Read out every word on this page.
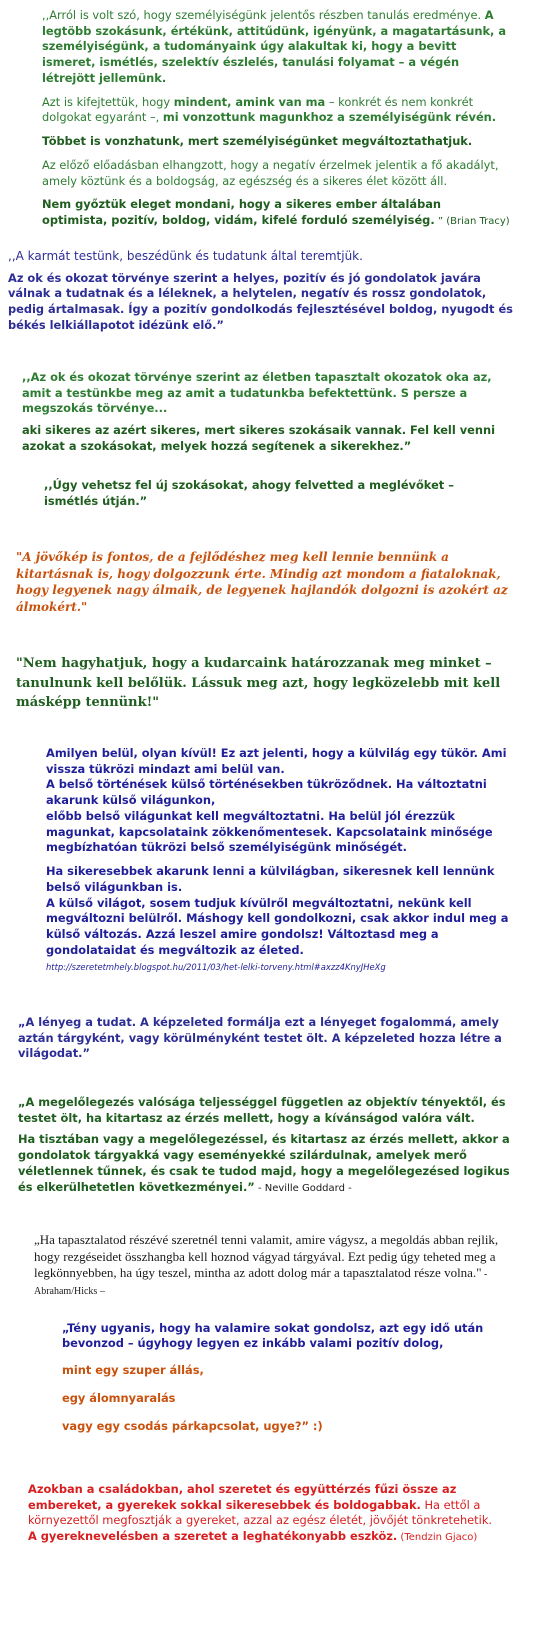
,,Arról is volt szó, hogy személyiségünk jelentős részben tanulás eredménye. A legtöbb szokásunk, értékünk, attitűdünk, igényünk, a magatartásunk, a személyiségünk, a tudományaink úgy alakultak ki, hogy a bevitt ismeret, ismétlés, szelektív észlelés, tanulási folyamat – a végén létrejött jellemünk.

Azt is kifejtettük, hogy mindent, amink van ma – konkrét és nem konkrét dolgokat egyaránt –, mi vonzottunk magunkhoz a személyiségünk révén.

Többet is vonzhatunk, mert személyiségünket megváltoztathatjuk.

Az előző előadásban elhangzott, hogy a negatív érzelmek jelentik a fő akadályt, amely köztünk és a boldogság, az egészség és a sikeres élet között áll.

Nem győztük eleget mondani, hogy a sikeres ember általában optimista, pozitív, boldog, vidám, kifelé forduló személyiség. ” (Brian Tracy)

,,A karmát testünk, beszédünk és tudatunk által teremtjük.

Az ok és okozat törvénye szerint a helyes, pozitív és jó gondolatok javára válnak a tudatnak és a léleknek, a helytelen, negatív és rossz gondolatok, pedig ártalmasak. Így a pozitív gondolkodás fejlesztésével boldog, nyugodt és békés lelkiállapotot idézünk elő.”

,,Az ok és okozat törvénye szerint az életben tapasztalt okozatok oka az, amit a testünkbe meg az amit a tudatunkba befektettünk. S persze a megszokás törvénye...

aki sikeres az azért sikeres, mert sikeres szokásaik vannak. Fel kell venni azokat a szokásokat, melyek hozzá segítenek a sikerekhez.”

,,Úgy vehetsz fel új szokásokat, ahogy felvetted a meglévőket – ismétlés útján.”

"A jövőkép is fontos, de a fejlődéshez meg kell lennie bennünk a kitartásnak is, hogy dolgozzunk érte. Mindig azt mondom a fiataloknak, hogy legyenek nagy álmaik, de legyenek hajlandók dolgozni is azokért az álmokért."

"Nem hagyhatjuk, hogy a kudarcaink határozzanak meg minket – tanulnunk kell belőlük. Lássuk meg azt, hogy legközelebb mit kell másképp tennünk!"

Amilyen belül, olyan kívül! Ez azt jelenti, hogy a külvilág egy tükör. Ami vissza tükrözi mindazt ami belül van.

A belső történések külső történésekben tükröződnek. Ha változtatni akarunk külső világunkon,

előbb belső világunkat kell megváltoztatni. Ha belül jól érezzük magunkat, kapcsolataink zökkenőmentesek. Kapcsolataink minősége megbízhatóan tükrözi belső személyiségünk minőségét.

Ha sikeresebbek akarunk lenni a külvilágban, sikeresnek kell lennünk belső világunkban is.

A külső világot, sosem tudjuk kívülről megváltoztatni, nekünk kell megváltozni belülről. Máshogy kell gondolkozni, csak akkor indul meg a külső változás. Azzá leszel amire gondolsz! Változtasd meg a gondolataidat és megváltozik az életed.

http://szeretetmhely.blogspot.hu/2011/03/het-lelki-torveny.html#axzz4KnyJHeXg

„A lényeg a tudat. A képzeleted formálja ezt a lényeget fogalommá, amely aztán tárgyként, vagy körülményként testet ölt. A képzeleted hozza létre a világodat.”

„A megelőlegezés valósága teljességgel független az objektív tényektől, és testet ölt, ha kitartasz az érzés mellett, hogy a kívánságod valóra vált.

Ha tisztában vagy a megelőlegezéssel, és kitartasz az érzés mellett, akkor a gondolatok tárgyakká vagy eseményekké szilárdulnak, amelyek merő véletlennek tűnnek, és csak te tudod majd, hogy a megelőlegezésed logikus és elkerülhetetlen következményei.” - Neville Goddard -

„Ha tapasztalatod részévé szeretnél tenni valamit, amire vágysz, a megoldás abban rejlik, hogy rezgéseidet összhangba kell hoznod vágyad tárgyával. Ezt pedig úgy teheted meg a legkönnyebben, ha úgy teszel, mintha az adott dolog már a tapasztalatod része volna." - Abraham/Hicks –

„Tény ugyanis, hogy ha valamire sokat gondolsz, azt egy idő után bevonzod – úgyhogy legyen ez inkább valami pozitív dolog,

mint egy szuper állás,

egy álomnyaralás

vagy egy csodás párkapcsolat, ugye?” :)

Azokban a családokban, ahol szeretet és együttérzés fűzi össze az embereket, a gyerekek sokkal sikeresebbek és boldogabbak. Ha ettől a környezettől megfosztják a gyereket, azzal az egész életét, jövőjét tönkretehetik.

A gyereknevelésben a szeretet a leghatékonyabb eszköz. (Tendzin Gjaco)
